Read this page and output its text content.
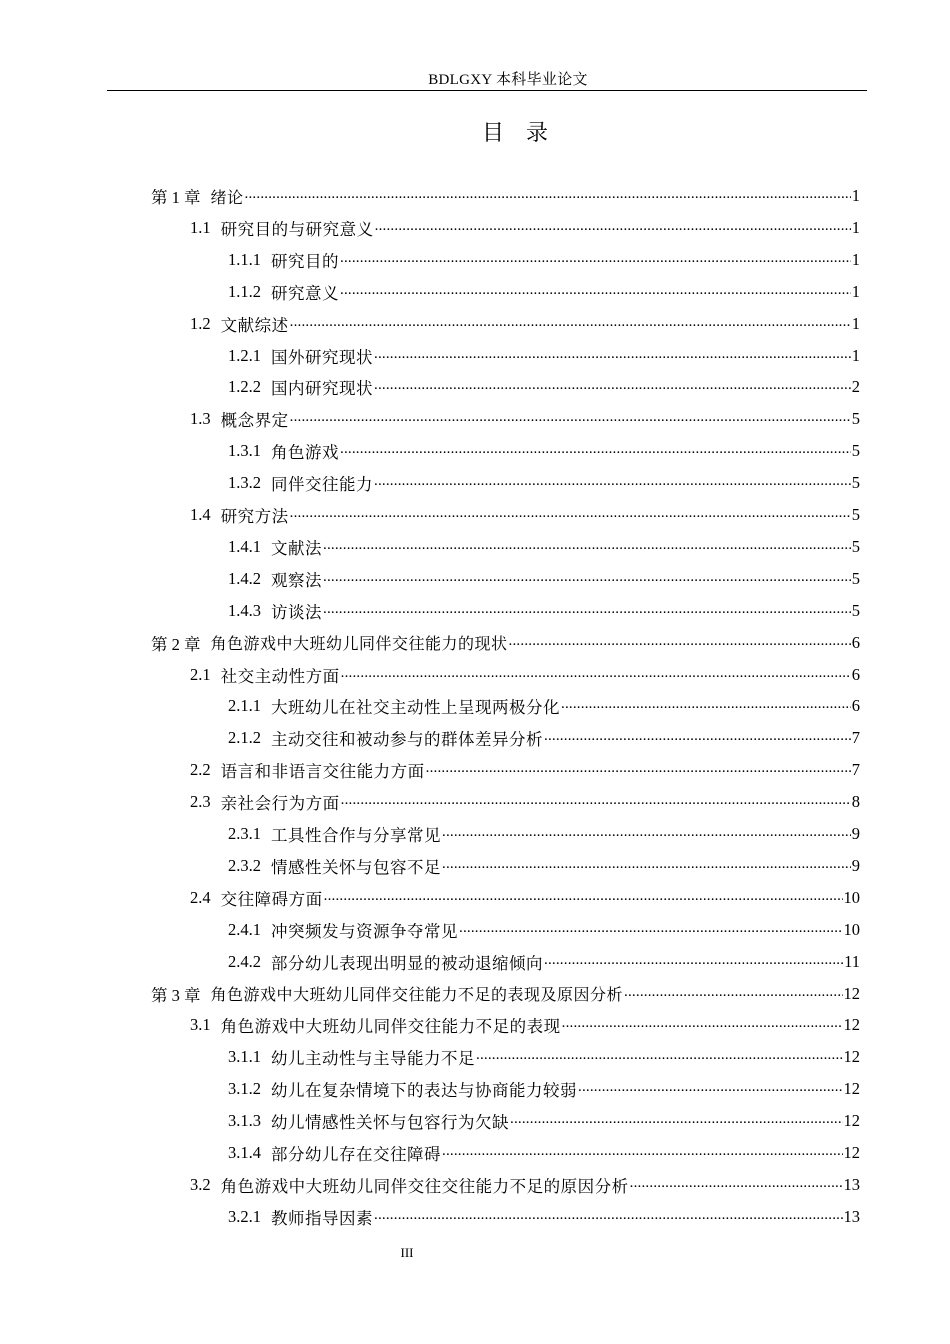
BDLGXY 本科毕业论文
目录
第 1 章 绪论 .....	1
1.1 研究目的与研究意义 .....	1
1.1.1 研究目的 .....	1
1.1.2 研究意义 .....	1
1.2 文献综述 .....	1
1.2.1 国外研究现状 .....	1
1.2.2 国内研究现状 .....	2
1.3 概念界定 .....	5
1.3.1 角色游戏 .....	5
1.3.2 同伴交往能力 .....	5
1.4 研究方法 .....	5
1.4.1 文献法 .....	5
1.4.2 观察法 .....	5
1.4.3 访谈法 .....	5
第 2 章 角色游戏中大班幼儿同伴交往能力的现状 .....	6
2.1 社交主动性方面 .....	6
2.1.1 大班幼儿在社交主动性上呈现两极分化 .....	6
2.1.2 主动交往和被动参与的群体差异分析 .....	7
2.2 语言和非语言交往能力方面 .....	7
2.3 亲社会行为方面 .....	8
2.3.1 工具性合作与分享常见 .....	9
2.3.2 情感性关怀与包容不足 .....	9
2.4 交往障碍方面 .....	10
2.4.1 冲突频发与资源争夺常见 .....	10
2.4.2 部分幼儿表现出明显的被动退缩倾向 .....	11
第 3 章 角色游戏中大班幼儿同伴交往能力不足的表现及原因分析 .....	12
3.1 角色游戏中大班幼儿同伴交往能力不足的表现 .....	12
3.1.1 幼儿主动性与主导能力不足 .....	12
3.1.2 幼儿在复杂情境下的表达与协商能力较弱 .....	12
3.1.3 幼儿情感性关怀与包容行为欠缺 .....	12
3.1.4 部分幼儿存在交往障碍 .....	12
3.2 角色游戏中大班幼儿同伴交往交往能力不足的原因分析 .....	13
3.2.1 教师指导因素 .....	13
III
